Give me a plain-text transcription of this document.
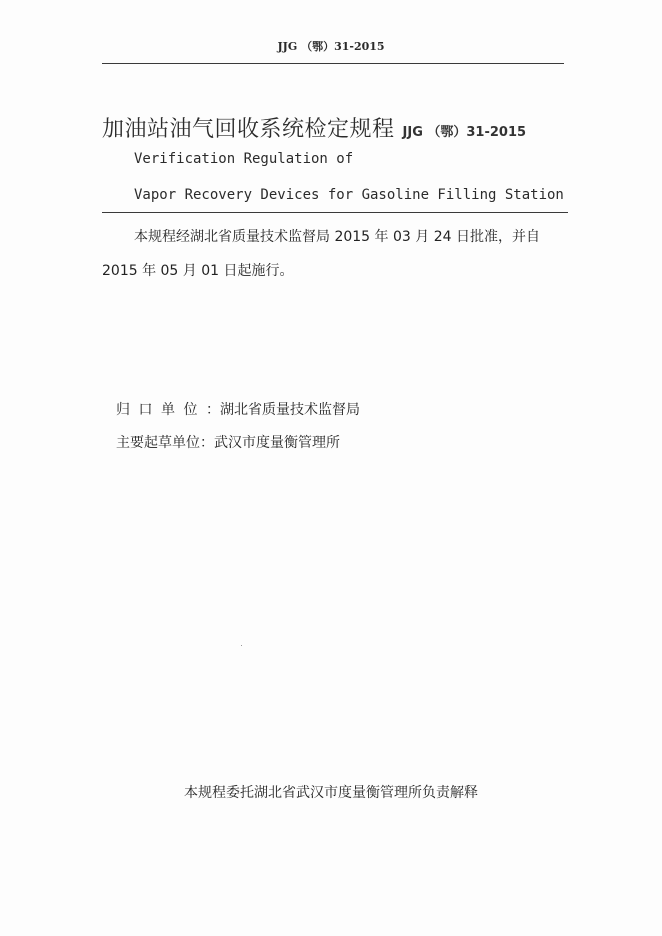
JJG （鄂）31-2015
加油站油气回收系统检定规程 JJG （鄂）31-2015
Verification Regulation of
Vapor Recovery Devices for Gasoline Filling Station
本规程经湖北省质量技术监督局 2015 年 03 月 24 日批准，并自
2015 年 05 月 01 日起施行。
归 口 单 位 ： 湖北省质量技术监督局
主要起草单位： 武汉市度量衡管理所
本规程委托湖北省武汉市度量衡管理所负责解释
